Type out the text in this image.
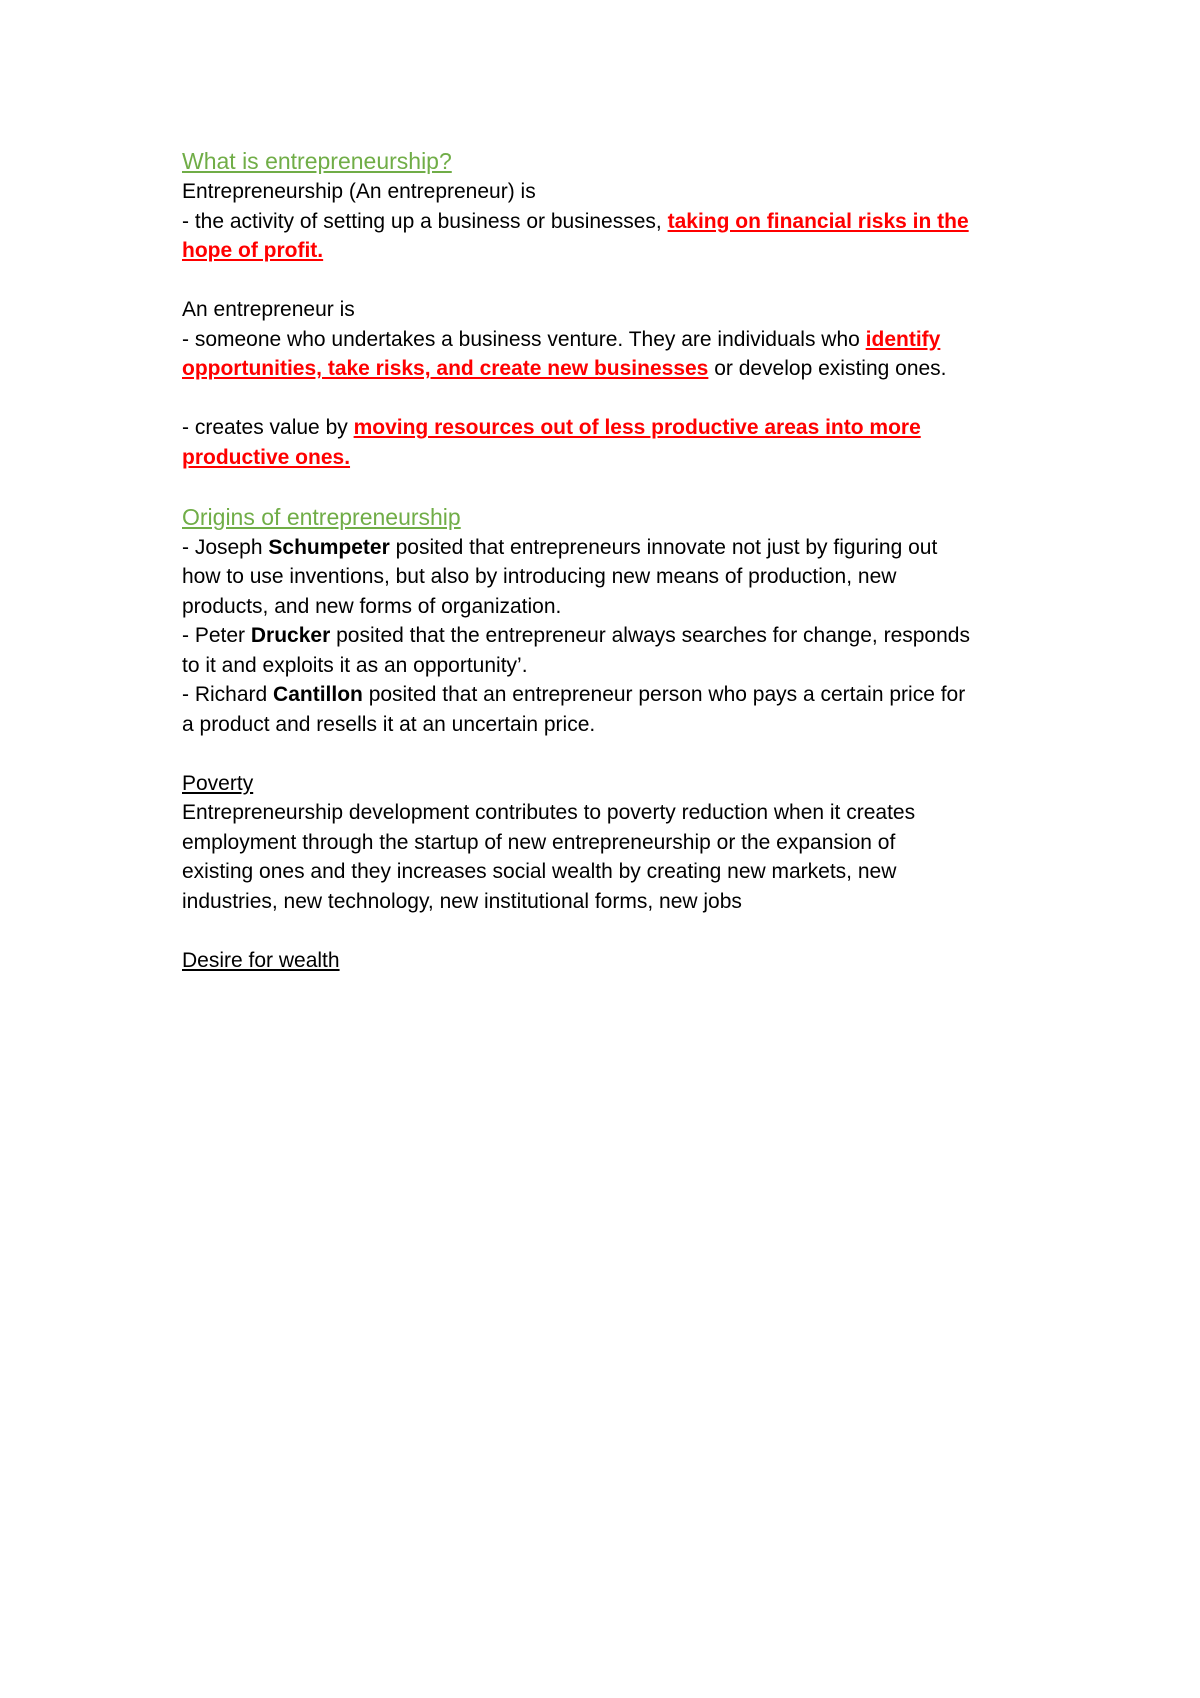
What is entrepreneurship?
Entrepreneurship (An entrepreneur) is
- the activity of setting up a business or businesses, taking on financial risks in the
hope of profit.
An entrepreneur is
- someone who undertakes a business venture. They are individuals who identify
opportunities, take risks, and create new businesses or develop existing ones.
- creates value by moving resources out of less productive areas into more
productive ones.
Origins of entrepreneurship
- Joseph Schumpeter posited that entrepreneurs innovate not just by figuring out
how to use inventions, but also by introducing new means of production, new
products, and new forms of organization.
- Peter Drucker posited that the entrepreneur always searches for change, responds
to it and exploits it as an opportunity’.
- Richard Cantillon posited that an entrepreneur person who pays a certain price for
a product and resells it at an uncertain price.
Poverty
Entrepreneurship development contributes to poverty reduction when it creates
employment through the startup of new entrepreneurship or the expansion of
existing ones and they increases social wealth by creating new markets, new
industries, new technology, new institutional forms, new jobs
Desire for wealth
